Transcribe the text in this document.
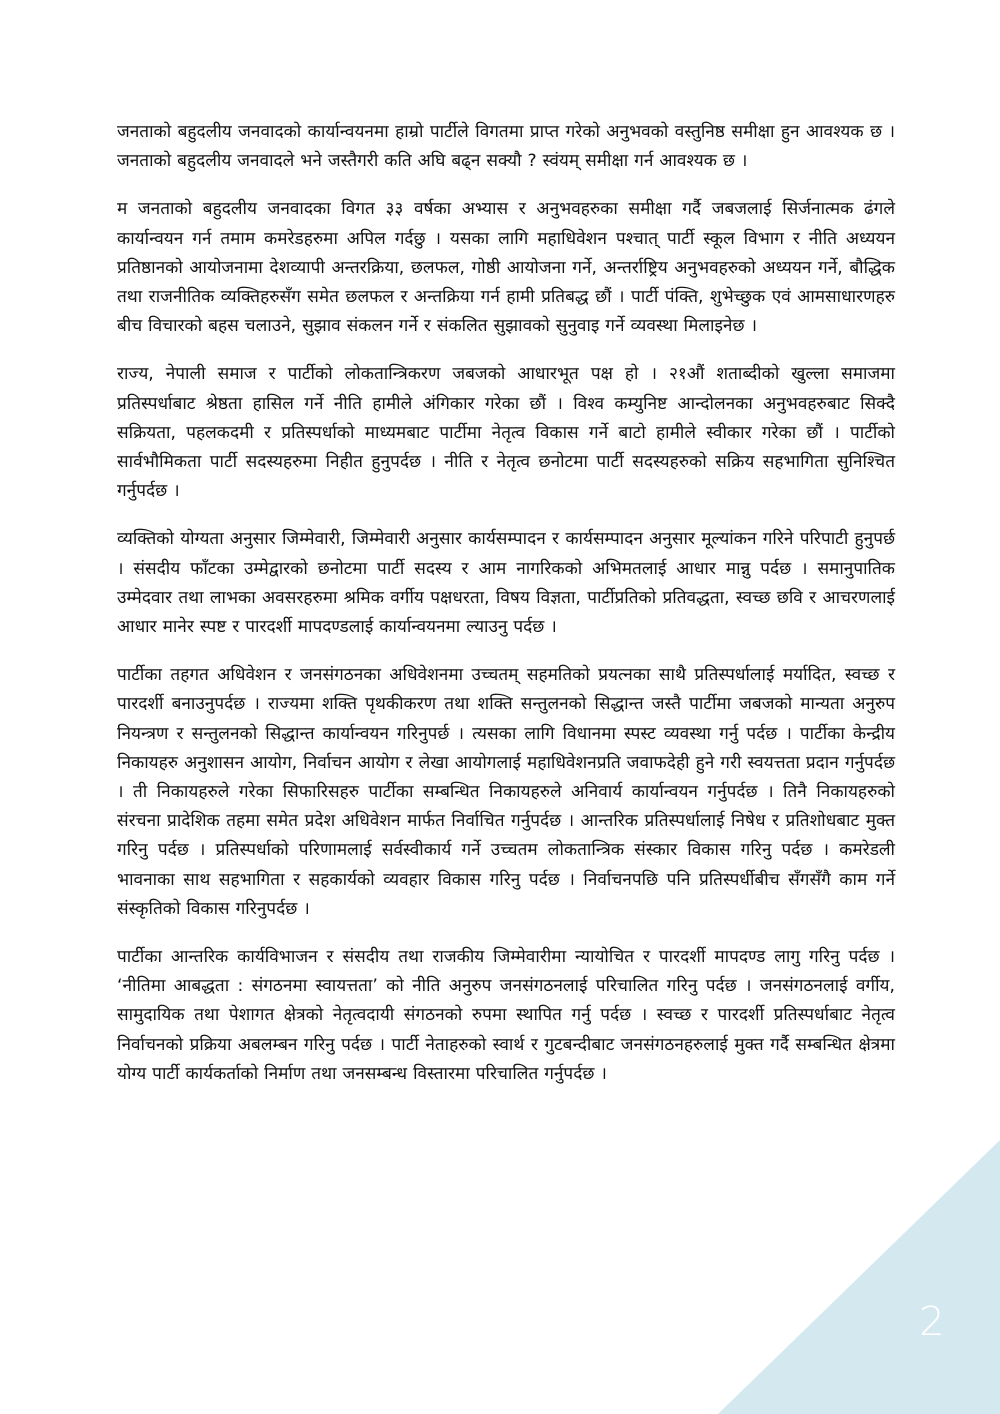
जनताको बहुदलीय जनवादको कार्यान्वयनमा हाम्रो पार्टीले विगतमा प्राप्त गरेको अनुभवको वस्तुनिष्ठ समीक्षा हुन आवश्यक छ । जनताको बहुदलीय जनवादले भने जस्तैगरी कति अघि बढ्न सक्यौ ? स्वंयम् समीक्षा गर्न आवश्यक छ ।

म जनताको बहुदलीय जनवादका विगत ३३ वर्षका अभ्यास र अनुभवहरुका समीक्षा गर्दै जबजलाई सिर्जनात्मक ढंगले कार्यान्वयन गर्न तमाम कमरेडहरुमा अपिल गर्दछु । यसका लागि महाधिवेशन पश्चात् पार्टी स्कूल विभाग र नीति अध्ययन प्रतिष्ठानको आयोजनामा देशव्यापी अन्तरक्रिया, छलफल, गोष्ठी आयोजना गर्ने, अन्तर्राष्ट्रिय अनुभवहरुको अध्ययन गर्ने, बौद्धिक तथा राजनीतिक व्यक्तिहरुसँग समेत छलफल र अन्तक्रिया गर्न हामी प्रतिबद्ध छौं । पार्टी पंक्ति, शुभेच्छुक एवं आमसाधारणहरु बीच विचारको बहस चलाउने, सुझाव संकलन गर्ने र संकलित सुझावको सुनुवाइ गर्ने व्यवस्था मिलाइनेछ ।

राज्य, नेपाली समाज र पार्टीको लोकतान्त्रिकरण जबजको आधारभूत पक्ष हो । २१औं शताब्दीको खुल्ला समाजमा प्रतिस्पर्धाबाट श्रेष्ठता हासिल गर्ने नीति हामीले अंगिकार गरेका छौं । विश्व कम्युनिष्ट आन्दोलनका अनुभवहरुबाट सिक्दै सक्रियता, पहलकदमी र प्रतिस्पर्धाको माध्यमबाट पार्टीमा नेतृत्व विकास गर्ने बाटो हामीले स्वीकार गरेका छौं । पार्टीको सार्वभौमिकता पार्टी सदस्यहरुमा निहीत हुनुपर्दछ । नीति र नेतृत्व छनोटमा पार्टी सदस्यहरुको सक्रिय सहभागिता सुनिश्चित गर्नुपर्दछ ।

व्यक्तिको योग्यता अनुसार जिम्मेवारी, जिम्मेवारी अनुसार कार्यसम्पादन र कार्यसम्पादन अनुसार मूल्यांकन गरिने परिपाटी हुनुपर्छ । संसदीय फाँटका उम्मेद्वारको छनोटमा पार्टी सदस्य र आम नागरिकको अभिमतलाई आधार मान्नु पर्दछ । समानुपातिक उम्मेदवार तथा लाभका अवसरहरुमा श्रमिक वर्गीय पक्षधरता, विषय विज्ञता, पार्टीप्रतिको प्रतिवद्धता, स्वच्छ छवि र आचरणलाई आधार मानेर स्पष्ट र पारदर्शी मापदण्डलाई कार्यान्वयनमा ल्याउनु पर्दछ ।

पार्टीका तहगत अधिवेशन र जनसंगठनका अधिवेशनमा उच्चतम् सहमतिको प्रयत्नका साथै प्रतिस्पर्धालाई मर्यादित, स्वच्छ र पारदर्शी बनाउनुपर्दछ । राज्यमा शक्ति पृथकीकरण तथा शक्ति सन्तुलनको सिद्धान्त जस्तै पार्टीमा जबजको मान्यता अनुरुप नियन्त्रण र सन्तुलनको सिद्धान्त कार्यान्वयन गरिनुपर्छ । त्यसका लागि विधानमा स्पस्ट व्यवस्था गर्नु पर्दछ । पार्टीका केन्द्रीय निकायहरु अनुशासन आयोग, निर्वाचन आयोग र लेखा आयोगलाई महाधिवेशनप्रति जवाफदेही हुने गरी स्वयत्तता प्रदान गर्नुपर्दछ । ती निकायहरुले गरेका सिफारिसहरु पार्टीका सम्बन्धित निकायहरुले अनिवार्य कार्यान्वयन गर्नुपर्दछ । तिनै निकायहरुको संरचना प्रादेशिक तहमा समेत प्रदेश अधिवेशन मार्फत निर्वाचित गर्नुपर्दछ । आन्तरिक प्रतिस्पर्धालाई निषेध र प्रतिशोधबाट मुक्त गरिनु पर्दछ । प्रतिस्पर्धाको परिणामलाई सर्वस्वीकार्य गर्ने उच्चतम लोकतान्त्रिक संस्कार विकास गरिनु पर्दछ । कमरेडली भावनाका साथ सहभागिता र सहकार्यको व्यवहार विकास गरिनु पर्दछ । निर्वाचनपछि पनि प्रतिस्पर्धीबीच सँगसँगै काम गर्ने संस्कृतिको विकास गरिनुपर्दछ ।

पार्टीका आन्तरिक कार्यविभाजन र संसदीय तथा राजकीय जिम्मेवारीमा न्यायोचित र पारदर्शी मापदण्ड लागु गरिनु पर्दछ । ‘नीतिमा आबद्धता : संगठनमा स्वायत्तता’ को नीति अनुरुप जनसंगठनलाई परिचालित गरिनु पर्दछ । जनसंगठनलाई वर्गीय, सामुदायिक तथा पेशागत क्षेत्रको नेतृत्वदायी संगठनको रुपमा स्थापित गर्नु पर्दछ । स्वच्छ र पारदर्शी प्रतिस्पर्धाबाट नेतृत्व निर्वाचनको प्रक्रिया अबलम्बन गरिनु पर्दछ । पार्टी नेताहरुको स्वार्थ र गुटबन्दीबाट जनसंगठनहरुलाई मुक्त गर्दै सम्बन्धित क्षेत्रमा योग्य पार्टी कार्यकर्ताको निर्माण तथा जनसम्बन्ध विस्तारमा परिचालित गर्नुपर्दछ ।

2
